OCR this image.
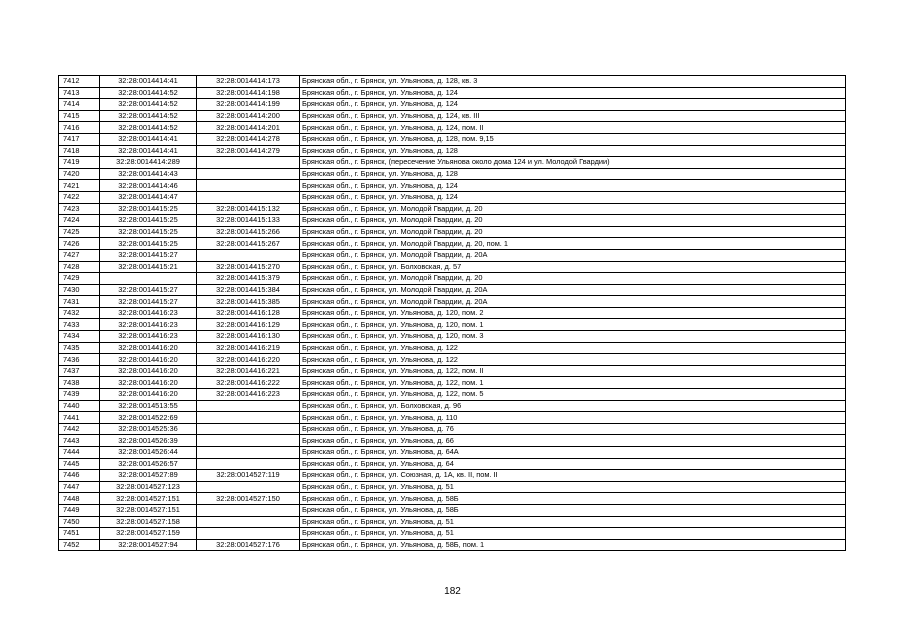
7412	32:28:0014414:41	32:28:0014414:173	Брянская обл., г. Брянск, ул. Ульянова, д. 128, кв. 3
7413	32:28:0014414:52	32:28:0014414:198	Брянская обл., г. Брянск, ул. Ульянова, д. 124
7414	32:28:0014414:52	32:28:0014414:199	Брянская обл., г. Брянск, ул. Ульянова, д. 124
7415	32:28:0014414:52	32:28:0014414:200	Брянская обл., г. Брянск, ул. Ульянова, д. 124, кв. III
7416	32:28:0014414:52	32:28:0014414:201	Брянская обл., г. Брянск, ул. Ульянова, д. 124, пом. II
7417	32:28:0014414:41	32:28:0014414:278	Брянская обл., г. Брянск, ул. Ульянова, д. 128, пом. 9,15
7418	32:28:0014414:41	32:28:0014414:279	Брянская обл., г. Брянск, ул. Ульянова, д. 128
7419	32:28:0014414:289		Брянская обл., г. Брянск, (пересечение Ульянова около дома 124 и ул. Молодой Гвардии)
7420	32:28:0014414:43		Брянская обл., г. Брянск, ул. Ульянова, д. 128
7421	32:28:0014414:46		Брянская обл., г. Брянск, ул. Ульянова, д. 124
7422	32:28:0014414:47		Брянская обл., г. Брянск, ул. Ульянова, д. 124
7423	32:28:0014415:25	32:28:0014415:132	Брянская обл., г. Брянск, ул. Молодой Гвардии, д. 20
7424	32:28:0014415:25	32:28:0014415:133	Брянская обл., г. Брянск, ул. Молодой Гвардии, д. 20
7425	32:28:0014415:25	32:28:0014415:266	Брянская обл., г. Брянск, ул. Молодой Гвардии, д. 20
7426	32:28:0014415:25	32:28:0014415:267	Брянская обл., г. Брянск, ул. Молодой Гвардии, д. 20, пом. 1
7427	32:28:0014415:27		Брянская обл., г. Брянск, ул. Молодой Гвардии, д. 20А
7428	32:28:0014415:21	32:28:0014415:270	Брянская обл., г. Брянск, ул. Болховская, д. 57
7429		32:28:0014415:379	Брянская обл., г. Брянск, ул. Молодой Гвардии, д. 20
7430	32:28:0014415:27	32:28:0014415:384	Брянская обл., г. Брянск, ул. Молодой Гвардии, д. 20А
7431	32:28:0014415:27	32:28:0014415:385	Брянская обл., г. Брянск, ул. Молодой Гвардии, д. 20А
7432	32:28:0014416:23	32:28:0014416:128	Брянская обл., г. Брянск, ул. Ульянова, д. 120, пом. 2
7433	32:28:0014416:23	32:28:0014416:129	Брянская обл., г. Брянск, ул. Ульянова, д. 120, пом. 1
7434	32:28:0014416:23	32:28:0014416:130	Брянская обл., г. Брянск, ул. Ульянова, д. 120, пом. 3
7435	32:28:0014416:20	32:28:0014416:219	Брянская обл., г. Брянск, ул. Ульянова, д. 122
7436	32:28:0014416:20	32:28:0014416:220	Брянская обл., г. Брянск, ул. Ульянова, д. 122
7437	32:28:0014416:20	32:28:0014416:221	Брянская обл., г. Брянск, ул. Ульянова, д. 122, пом. II
7438	32:28:0014416:20	32:28:0014416:222	Брянская обл., г. Брянск, ул. Ульянова, д. 122, пом. 1
7439	32:28:0014416:20	32:28:0014416:223	Брянская обл., г. Брянск, ул. Ульянова, д. 122, пом. 5
7440	32:28:0014513:55		Брянская обл., г. Брянск, ул. Болховская, д. 96
7441	32:28:0014522:69		Брянская обл., г. Брянск, ул. Ульянова, д. 110
7442	32:28:0014525:36		Брянская обл., г. Брянск, ул. Ульянова, д. 76
7443	32:28:0014526:39		Брянская обл., г. Брянск, ул. Ульянова, д. 66
7444	32:28:0014526:44		Брянская обл., г. Брянск, ул. Ульянова, д. 64А
7445	32:28:0014526:57		Брянская обл., г. Брянск, ул. Ульянова, д. 64
7446	32:28:0014527:89	32:28:0014527:119	Брянская обл., г. Брянск, ул. Союзная, д. 1А, кв. II, пом. II
7447	32:28:0014527:123		Брянская обл., г. Брянск, ул. Ульянова, д. 51
7448	32:28:0014527:151	32:28:0014527:150	Брянская обл., г. Брянск, ул. Ульянова, д. 58Б
7449	32:28:0014527:151		Брянская обл., г. Брянск, ул. Ульянова, д. 58Б
7450	32:28:0014527:158		Брянская обл., г. Брянск, ул. Ульянова, д. 51
7451	32:28:0014527:159		Брянская обл., г. Брянск, ул. Ульянова, д. 51
7452	32:28:0014527:94	32:28:0014527:176	Брянская обл., г. Брянск, ул. Ульянова, д. 58Б, пом. 1
182
